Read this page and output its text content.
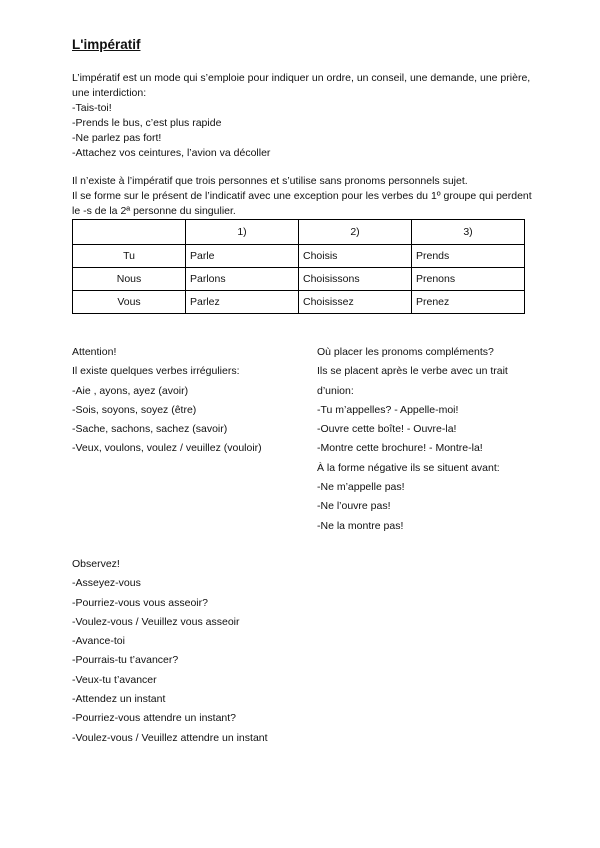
L'impératif

L’impératif est un mode qui s’emploie pour indiquer un ordre, un conseil, une demande, une prière, une interdiction:

-Tais-toi!

-Prends le bus, c’est plus rapide

-Ne parlez pas fort!

-Attachez vos ceintures, l’avion va décoller

Il n’existe à l’impératif que trois personnes et s’utilise sans pronoms personnels sujet.

Il se forme sur le présent de l’indicatif avec une exception pour les verbes du 1º groupe qui perdent le -s de la 2ª personne du singulier.

	1)	2)	3)
Tu	Parle	Choisis	Prends
Nous	Parlons	Choisissons	Prenons
Vous	Parlez	Choisissez	Prenez

Attention!

Il existe quelques verbes irréguliers:

-Aie , ayons, ayez (avoir)

-Sois, soyons, soyez (être)

-Sache, sachons, sachez (savoir)

-Veux, voulons, voulez / veuillez (vouloir)

Où placer les pronoms compléments?

Ils se placent après le verbe avec un trait d’union:

-Tu m’appelles? - Appelle-moi!

-Ouvre cette boîte! - Ouvre-la!

-Montre cette brochure! - Montre-la!

À la forme négative ils se situent avant:

-Ne m’appelle pas!

-Ne l’ouvre pas!

-Ne la montre pas!

Observez!

-Asseyez-vous

-Pourriez-vous vous asseoir?

-Voulez-vous / Veuillez vous asseoir

-Avance-toi

-Pourrais-tu t’avancer?

-Veux-tu t’avancer

-Attendez un instant

-Pourriez-vous attendre un instant?

-Voulez-vous / Veuillez attendre un instant
